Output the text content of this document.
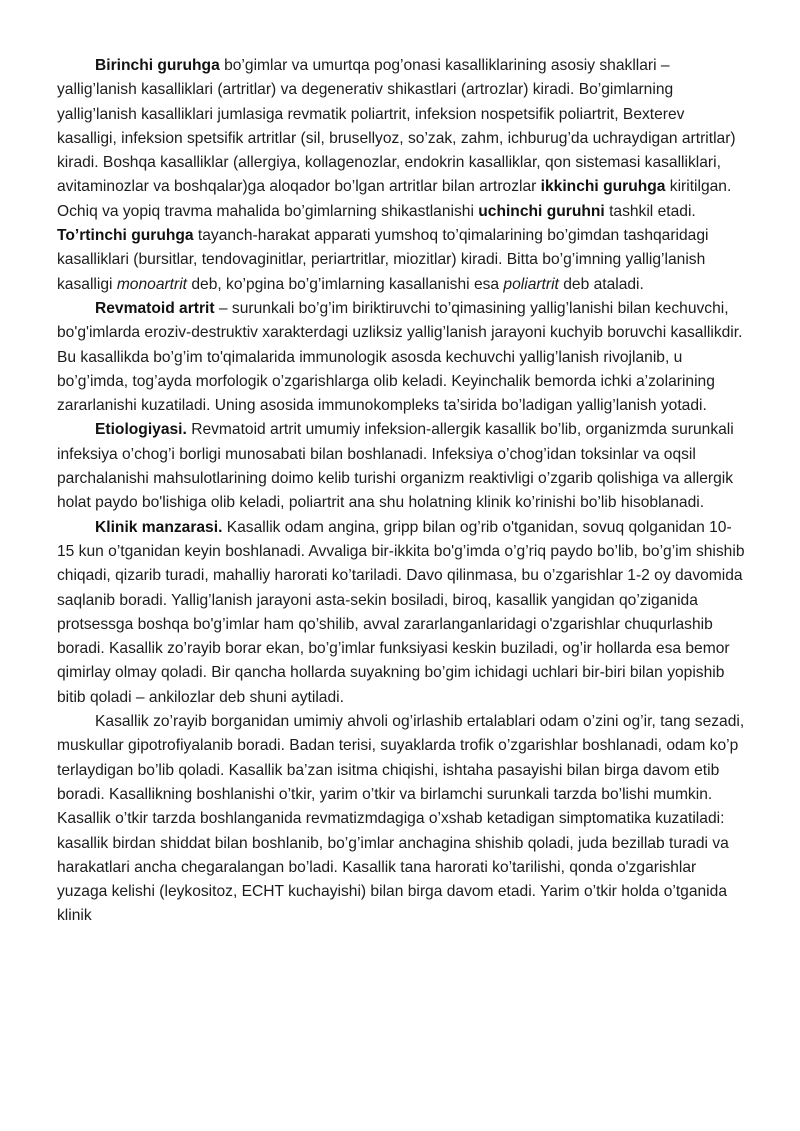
Birinchi guruhga bo’gimlar va umurtqa pog’onasi kasalliklarining asosiy shakllari – yallig’lanish kasalliklari (artritlar) va degenerativ shikastlari (artrozlar) kiradi. Bo’gimlarning yallig’lanish kasalliklari jumlasiga revmatik poliartrit, infeksion nospetsifik poliartrit, Bexterev kasalligi, infeksion spetsifik artritlar (sil, brusellyoz, so’zak, zahm, ichburug’da uchraydigan artritlar) kiradi. Boshqa kasalliklar (allergiya, kollagenozlar, endokrin kasalliklar, qon sistemasi kasalliklari, avitaminozlar va boshqalar)ga aloqador bo’lgan artritlar bilan artrozlar ikkinchi guruhga kiritilgan. Ochiq va yopiq travma mahalida bo’gimlarning shikastlanishi uchinchi guruhni tashkil etadi. To’rtinchi guruhga tayanch-harakat apparati yumshoq to’qimalarining bo’gimdan tashqaridagi kasalliklari (bursitlar, tendovaginitlar, periartritlar, miozitlar) kiradi. Bitta bo’g’imning yallig’lanish kasalligi monoartrit deb, ko’pgina bo’g’imlarning kasallanishi esa poliartrit deb ataladi.

Revmatoid artrit – surunkali bo’g’im biriktiruvchi to’qimasining yallig’lanishi bilan kechuvchi, bo'g'imlarda eroziv-destruktiv xarakterdagi uzliksiz yallig’lanish jarayoni kuchyib boruvchi kasallikdir. Bu kasallikda bo’g’im to'qimalarida immunologik asosda kechuvchi yallig’lanish rivojlanib, u bo’g’imda, tog’ayda morfologik o’zgarishlarga olib keladi. Keyinchalik bemorda ichki a’zolarining zararlanishi kuzatiladi. Uning asosida immunokompleks ta’sirida bo’ladigan yallig’lanish yotadi.

Etiologiyasi. Revmatoid artrit umumiy infeksion-allergik kasallik bo’lib, organizmda surunkali infeksiya o’chog’i borligi munosabati bilan boshlanadi. Infeksiya o’chog’idan toksinlar va oqsil parchalanishi mahsulotlarining doimo kelib turishi organizm reaktivligi o’zgarib qolishiga va allergik holat paydo bo'lishiga olib keladi, poliartrit ana shu holatning klinik ko’rinishi bo’lib hisoblanadi.

Klinik manzarasi. Kasallik odam angina, gripp bilan og’rib o'tganidan, sovuq qolganidan 10-15 kun o’tganidan keyin boshlanadi. Avvaliga bir-ikkita bo'g’imda o’g’riq paydo bo’lib, bo’g’im shishib chiqadi, qizarib turadi, mahalliy harorati ko’tariladi. Davo qilinmasa, bu o’zgarishlar 1-2 oy davomida saqlanib boradi. Yallig’lanish jarayoni asta-sekin bosiladi, biroq, kasallik yangidan qo’ziganida protsessga boshqa bo'g’imlar ham qo’shilib, avval zararlanganlaridagi o'zgarishlar chuqurlashib boradi. Kasallik zo’rayib borar ekan, bo’g’imlar funksiyasi keskin buziladi, og’ir hollarda esa bemor qimirlay olmay qoladi. Bir qancha hollarda suyakning bo’gim ichidagi uchlari bir-biri bilan yopishib bitib qoladi – ankilozlar deb shuni aytiladi.

Kasallik zo’rayib borganidan umimiy ahvoli og’irlashib ertalablari odam o’zini og’ir, tang sezadi, muskullar gipotrofiyalanib boradi. Badan terisi, suyaklarda trofik o’zgarishlar boshlanadi, odam ko’p terlaydigan bo’lib qoladi. Kasallik ba’zan isitma chiqishi, ishtaha pasayishi bilan birga davom etib boradi. Kasallikning boshlanishi o’tkir, yarim o’tkir va birlamchi surunkali tarzda bo’lishi mumkin. Kasallik o’tkir tarzda boshlanganida revmatizmdagiga o’xshab ketadigan simptomatika kuzatiladi: kasallik birdan shiddat bilan boshlanib, bo’g’imlar anchagina shishib qoladi, juda bezillab turadi va harakatlari ancha chegaralangan bo’ladi. Kasallik tana harorati ko’tarilishi, qonda o'zgarishlar yuzaga kelishi (leykositoz, ECHT kuchayishi) bilan birga davom etadi. Yarim o’tkir holda o’tganida klinik
